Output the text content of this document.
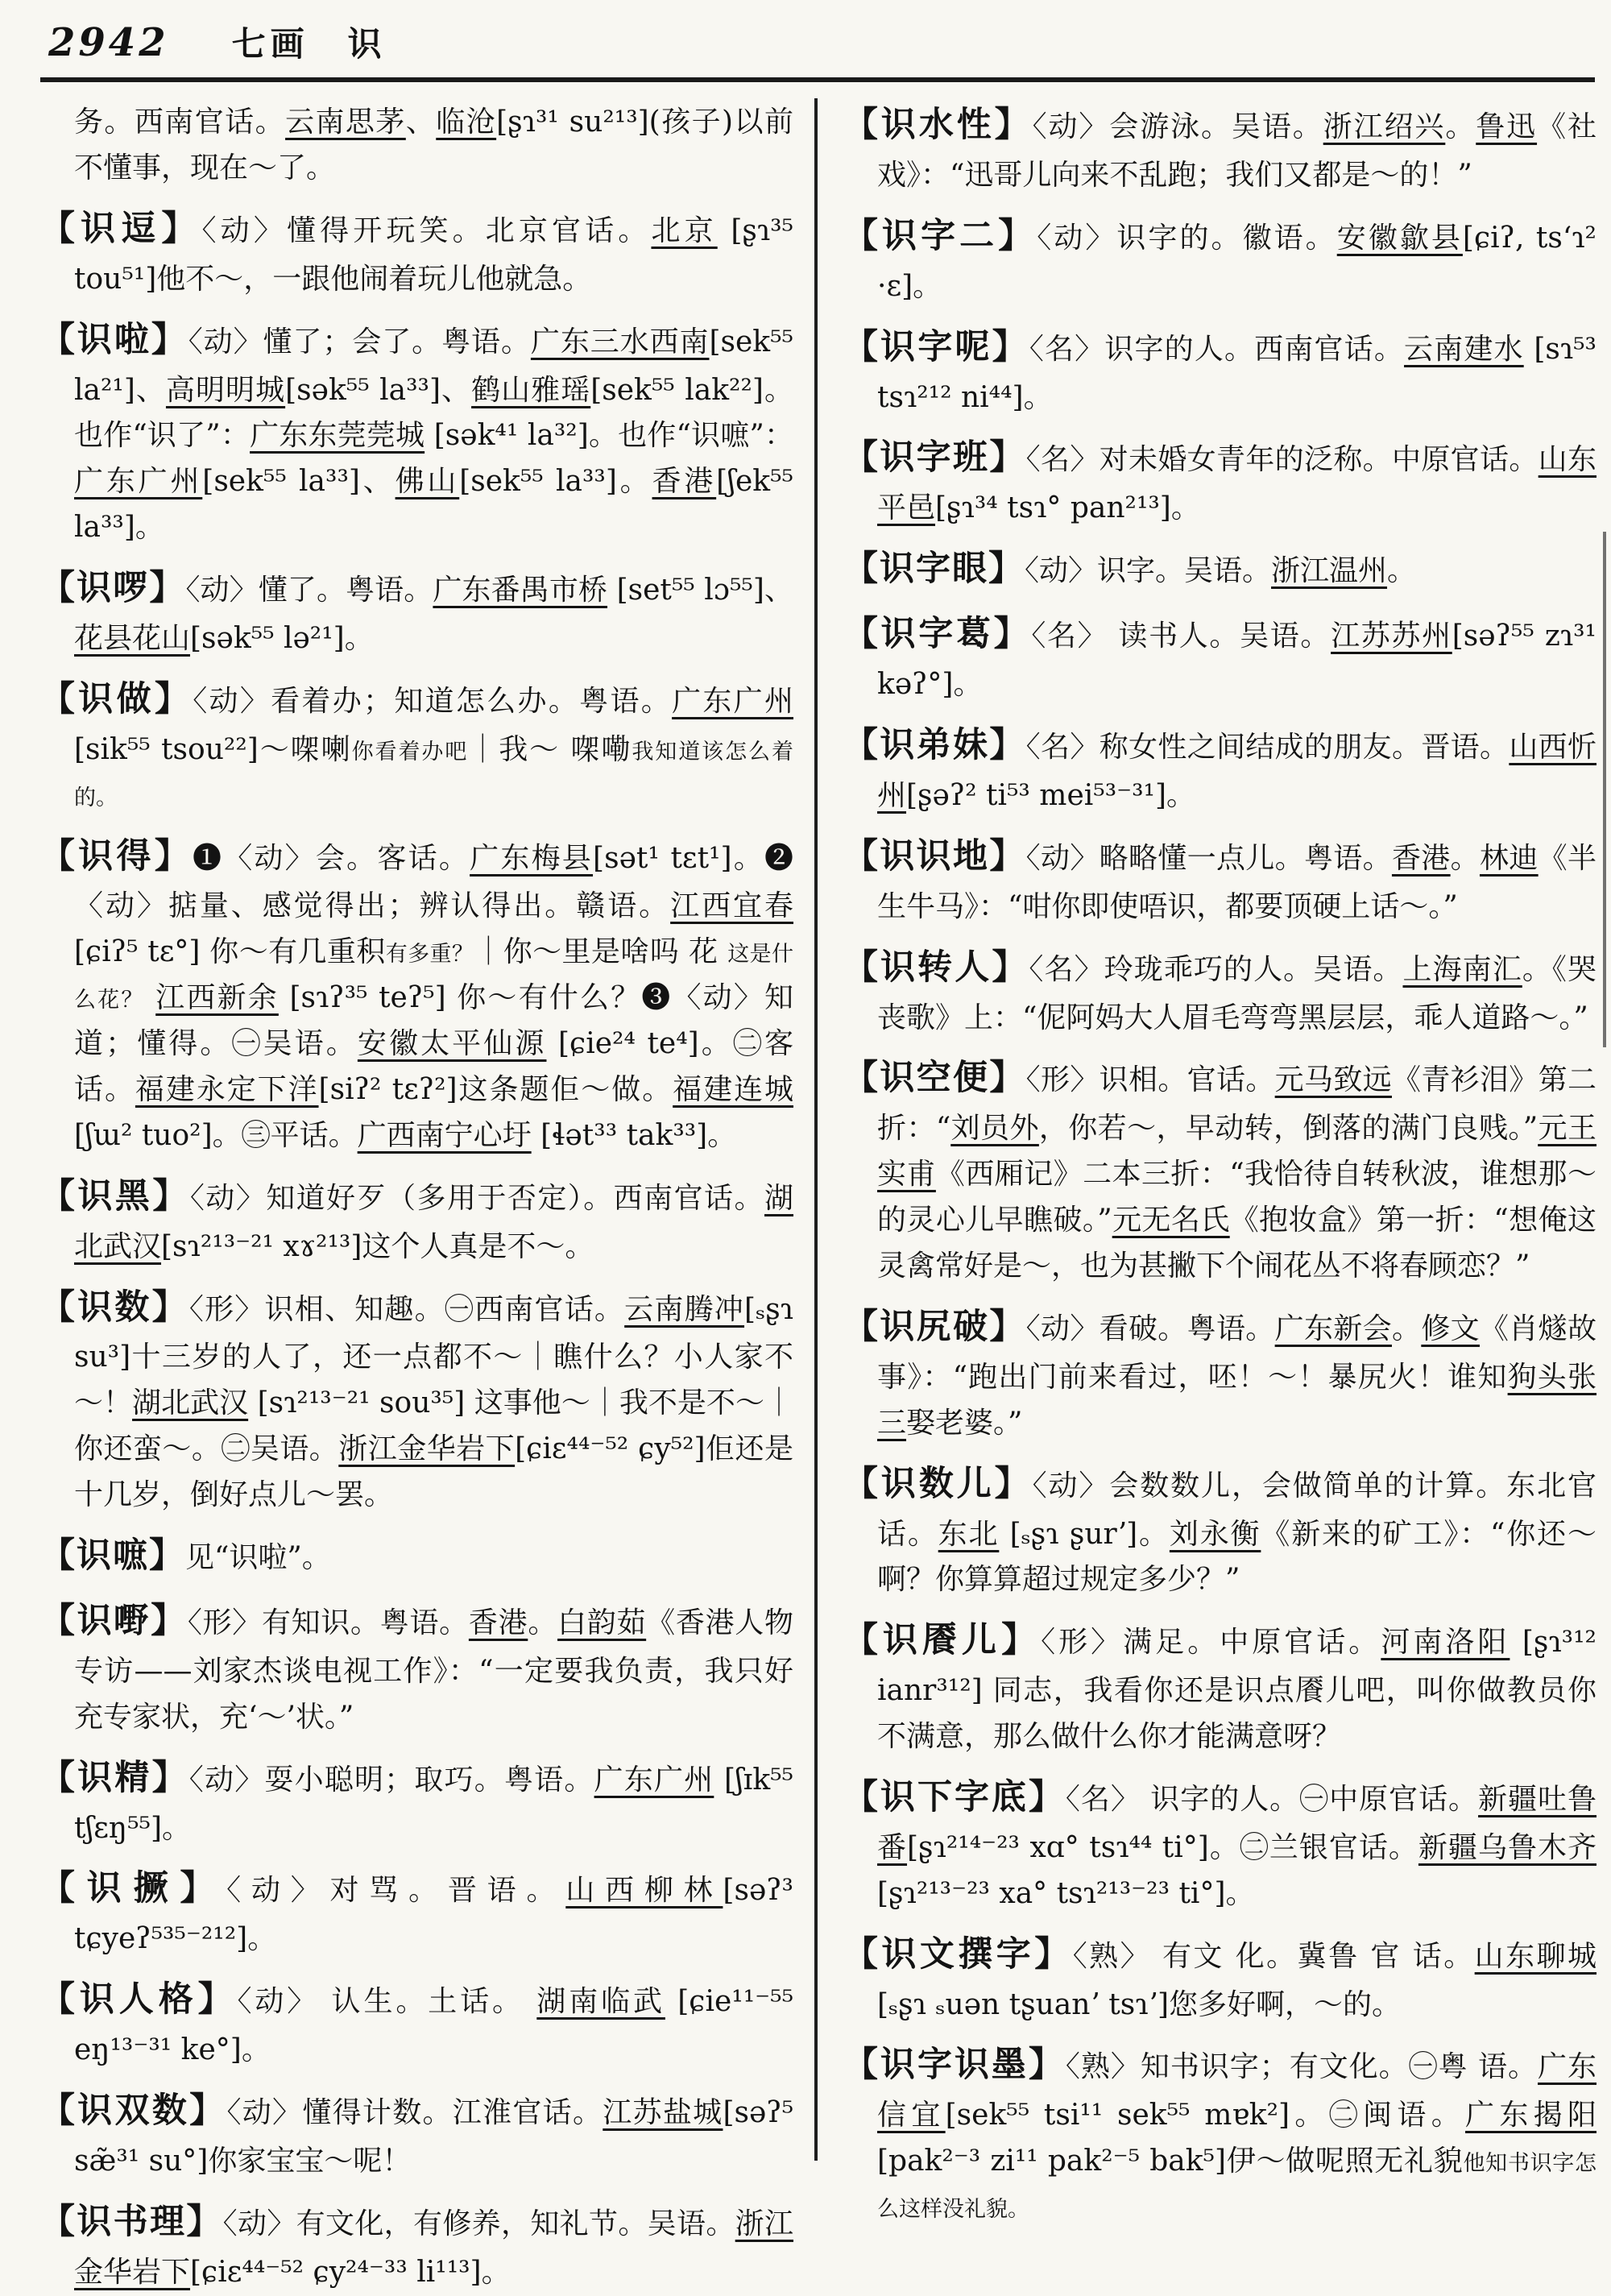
2942 七画　识
务。西南官话。云南思茅、临沧[ʂɿ³¹ su²¹³](孩子)以前不懂事，现在～了。
【识逗】〈动〉懂得开玩笑。北京官话。北京 [ʂɿ³⁵ tou⁵¹]他不～，一跟他闹着玩儿他就急。
【识啦】〈动〉懂了；会了。粤语。广东三水西南[sek⁵⁵ la²¹]、高明明城[sək⁵⁵ la³³]、鹤山雅瑶[sek⁵⁵ lak²²]。也作“识了”：广东东莞莞城 [sək⁴¹ la³²]。也作“识嗻”：广东广州[sek⁵⁵ la³³]、佛山[sek⁵⁵ la³³]。香港[ʃek⁵⁵ la³³]。
【识啰】〈动〉懂了。粤语。广东番禺市桥 [set⁵⁵ lɔ⁵⁵]、花县花山[sək⁵⁵ lə²¹]。
【识做】〈动〉看着办；知道怎么办。粤语。广东广州 [sik⁵⁵ tsou²²]～㗎喇你看着办吧｜我～ 㗎嘞我知道该怎么着的。
【识得】❶〈动〉会。客话。广东梅县[sət¹ tɛt¹]。❷〈动〉掂量、感觉得出；辨认得出。赣语。江西宜春 [ɕiʔ⁵ tɛ°] 你～有几重积有多重？｜你～里是啥吗 花 这是什么花？ 江西新余 [sɿʔ³⁵ teʔ⁵] 你～有什么？❸〈动〉知道；懂得。㊀吴语。安徽太平仙源 [ɕie²⁴ te⁴]。㊁客话。福建永定下洋[siʔ² tɛʔ²]这条题佢～做。福建连城[ʃɯ² tuo²]。㊂平话。广西南宁心圩 [ɬət³³ tak³³]。
【识黑】〈动〉知道好歹（多用于否定）。西南官话。湖北武汉[sɿ²¹³⁻²¹ xɤ²¹³]这个人真是不～。
【识数】〈形〉识相、知趣。㊀西南官话。云南腾冲[ₛʂɿ su³]十三岁的人了，还一点都不～｜瞧什么？小人家不～！湖北武汉 [sɿ²¹³⁻²¹ sou³⁵] 这事他～｜我不是不～｜你还蛮～。㊁吴语。浙江金华岩下[ɕiɛ⁴⁴⁻⁵² ɕy⁵²]佢还是十几岁，倒好点儿～罢。
【识嗻】见“识啦”。
【识嘢】〈形〉有知识。粤语。香港。白韵茹《香港人物专访——刘家杰谈电视工作》：“一定要我负责，我只好充专家状，充‘～’状。”
【识精】〈动〉耍小聪明；取巧。粤语。广东广州 [ʃɪk⁵⁵ tʃɛŋ⁵⁵]。
【识撅】〈动〉对骂。晋语。山西柳林[səʔ³ tɕyeʔ⁵³⁵⁻²¹²]。
【识人格】〈动〉 认生。土话。 湖南临武 [ɕie¹¹⁻⁵⁵ eŋ¹³⁻³¹ ke°]。
【识双数】〈动〉懂得计数。江淮官话。江苏盐城[səʔ⁵ sæ̃³¹ su°]你家宝宝～呢！
【识书理】〈动〉有文化，有修养，知礼节。吴语。浙江金华岩下[ɕiɛ⁴⁴⁻⁵² ɕy²⁴⁻³³ li¹¹³]。
【识水性】〈动〉会游泳。吴语。浙江绍兴。鲁迅《社戏》：“迅哥儿向来不乱跑；我们又都是～的！”
【识字二】〈动〉识字的。徽语。安徽歙县[ɕiʔ, tsʻɿ² ·ɛ]。
【识字呢】〈名〉识字的人。西南官话。云南建水 [sɿ⁵³ tsɿ²¹² ni⁴⁴]。
【识字班】〈名〉对未婚女青年的泛称。中原官话。山东平邑[ʂɿ³⁴ tsɿ° pan²¹³]。
【识字眼】〈动〉识字。吴语。浙江温州。
【识字葛】〈名〉 读书人。吴语。江苏苏州[səʔ⁵⁵ zɿ³¹ kəʔ°]。
【识弟妹】〈名〉称女性之间结成的朋友。晋语。山西忻州[ʂəʔ² ti⁵³ mei⁵³⁻³¹]。
【识识地】〈动〉略略懂一点儿。粤语。香港。林迪《半生牛马》：“咁你即使唔识，都要顶硬上话～。”
【识转人】〈名〉玲珑乖巧的人。吴语。上海南汇。《哭丧歌》上：“伲阿妈大人眉毛弯弯黑层层，乖人道路～。”
【识空便】〈形〉识相。官话。元马致远《青衫泪》第二折：“刘员外，你若～，早动转，倒落的满门良贱。”元王实甫《西厢记》二本三折：“我恰待自转秋波，谁想那～的灵心儿早瞧破。”元无名氏《抱妆盒》第一折：“想俺这灵禽常好是～，也为甚撇下个闹花丛不将春顾恋？”
【识尻破】〈动〉看破。粤语。广东新会。修文《肖燧故事》：“跑出门前来看过，呸！～！暴尻火！谁知狗头张三娶老婆。”
【识数儿】〈动〉会数数儿，会做简单的计算。东北官话。东北 [ₛʂɿ ʂurʼ]。刘永衡《新来的矿工》：“你还～啊？你算算超过规定多少？”
【识餍儿】〈形〉满足。中原官话。河南洛阳 [ʂɿ³¹² ianr³¹²] 同志，我看你还是识点餍儿吧，叫你做教员你不满意，那么做什么你才能满意呀？
【识下字底】〈名〉 识字的人。㊀中原官话。新疆吐鲁番[ʂɿ²¹⁴⁻²³ xɑ° tsɿ⁴⁴ ti°]。㊁兰银官话。新疆乌鲁木齐[ʂɿ²¹³⁻²³ xa° tsɿ²¹³⁻²³ ti°]。
【识文撰字】〈熟〉 有文 化。冀鲁 官 话。山东聊城 [ₛʂɿ ₛuən tʂuanʼ tsɿʼ]您多好啊，～的。
【识字识墨】〈熟〉知书识字；有文化。㊀粤 语。广东信宜[sek⁵⁵ tsi¹¹ sek⁵⁵ mɐk²]。㊁闽语。广东揭阳[pak²⁻³ zi¹¹ pak²⁻⁵ bak⁵]伊～做呢照无礼貌他知书识字怎么这样没礼貌。
